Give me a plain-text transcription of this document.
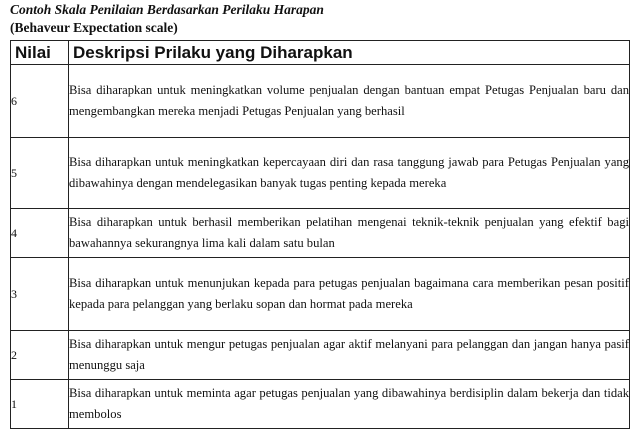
Contoh Skala Penilaian Berdasarkan Perilaku Harapan
(Behaveur Expectation scale)
Nilai	Deskripsi Prilaku yang Diharapkan
6	Bisa diharapkan untuk meningkatkan volume penjualan dengan bantuan empat Petugas Penjualan baru dan mengembangkan mereka menjadi Petugas Penjualan yang berhasil
5	Bisa diharapkan untuk meningkatkan kepercayaan diri dan rasa tanggung jawab para Petugas Penjualan yang dibawahinya dengan mendelegasikan banyak tugas penting kepada mereka
4	Bisa diharapkan untuk berhasil memberikan pelatihan mengenai teknik-teknik penjualan yang efektif bagi bawahannya sekurangnya lima kali dalam satu bulan
3	Bisa diharapkan untuk menunjukan kepada para petugas penjualan bagaimana cara memberikan pesan positif kepada para pelanggan yang berlaku sopan dan hormat pada mereka
2	Bisa diharapkan untuk mengur petugas penjualan agar aktif melanyani para pelanggan dan jangan hanya pasif menunggu saja
1	Bisa diharapkan untuk meminta agar petugas penjualan yang dibawahinya berdisiplin dalam bekerja dan tidak membolos
